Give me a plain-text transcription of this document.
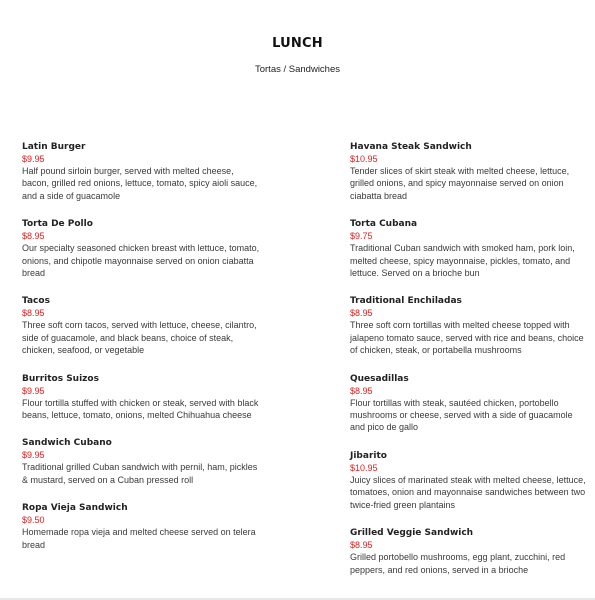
LUNCH
Tortas / Sandwiches
Latin Burger
$9.95
Half pound sirloin burger, served with melted cheese, bacon, grilled red onions, lettuce, tomato, spicy aioli sauce, and a side of guacamole
Torta De Pollo
$8.95
Our specialty seasoned chicken breast with lettuce, tomato, onions, and chipotle mayonnaise served on onion ciabatta bread
Tacos
$8.95
Three soft corn tacos, served with lettuce, cheese, cilantro, side of guacamole, and black beans, choice of steak, chicken, seafood, or vegetable
Burritos Suizos
$9.95
Flour tortilla stuffed with chicken or steak, served with black beans, lettuce, tomato, onions, melted Chihuahua cheese
Sandwich Cubano
$9.95
Traditional grilled Cuban sandwich with pernil, ham, pickles & mustard, served on a Cuban pressed roll
Ropa Vieja Sandwich
$9.50
Homemade ropa vieja and melted cheese served on telera bread
Havana Steak Sandwich
$10.95
Tender slices of skirt steak with melted cheese, lettuce, grilled onions, and spicy mayonnaise served on onion ciabatta bread
Torta Cubana
$9.75
Traditional Cuban sandwich with smoked ham, pork loin, melted cheese, spicy mayonnaise, pickles, tomato, and lettuce. Served on a brioche bun
Traditional Enchiladas
$8.95
Three soft corn tortillas with melted cheese topped with jalapeno tomato sauce, served with rice and beans, choice of chicken, steak, or portabella mushrooms
Quesadillas
$8.95
Flour tortillas with steak, sautéed chicken, portobello mushrooms or cheese, served with a side of guacamole and pico de gallo
Jibarito
$10.95
Juicy slices of marinated steak with melted cheese, lettuce, tomatoes, onion and mayonnaise sandwiches between two twice-fried green plantains
Grilled Veggie Sandwich
$8.95
Grilled portobello mushrooms, egg plant, zucchini, red peppers, and red onions, served in a brioche
